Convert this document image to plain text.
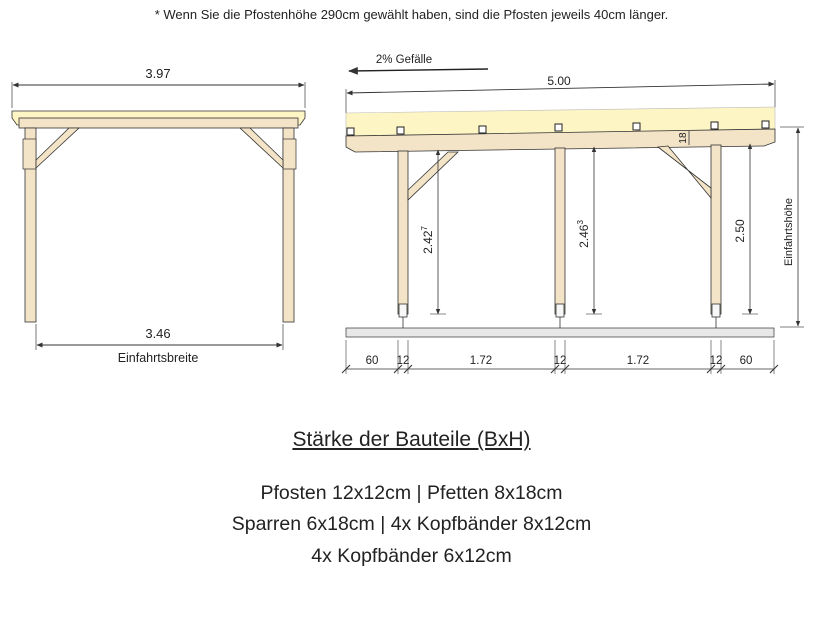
* Wenn Sie die Pfostenhöhe 290cm gewählt haben, sind die Pfosten jeweils 40cm länger.
3.97
3.46
Einfahrtsbreite
2% Gefälle
5.00
18
2.42$^7$	2.46$^3$	2.50	Einfahrtshöhe
60 12	1.72	12	1.72	12 60
Stärke der Bauteile (BxH)
Pfosten 12x12cm | Pfetten 8x18cm
Sparren 6x18cm | 4x Kopfbänder 8x12cm
4x Kopfbänder 6x12cm
